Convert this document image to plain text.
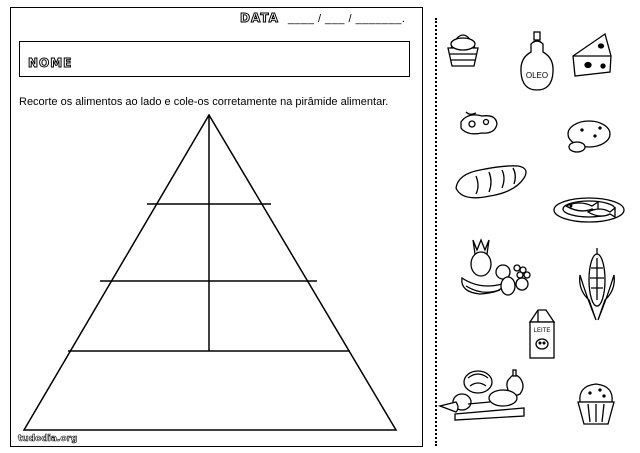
DATA ____ / ___ / _______.
NOME
Recorte os alimentos ao lado e cole-os corretamente na pirâmide alimentar.
tudodia.org
OLEO
LEITE
